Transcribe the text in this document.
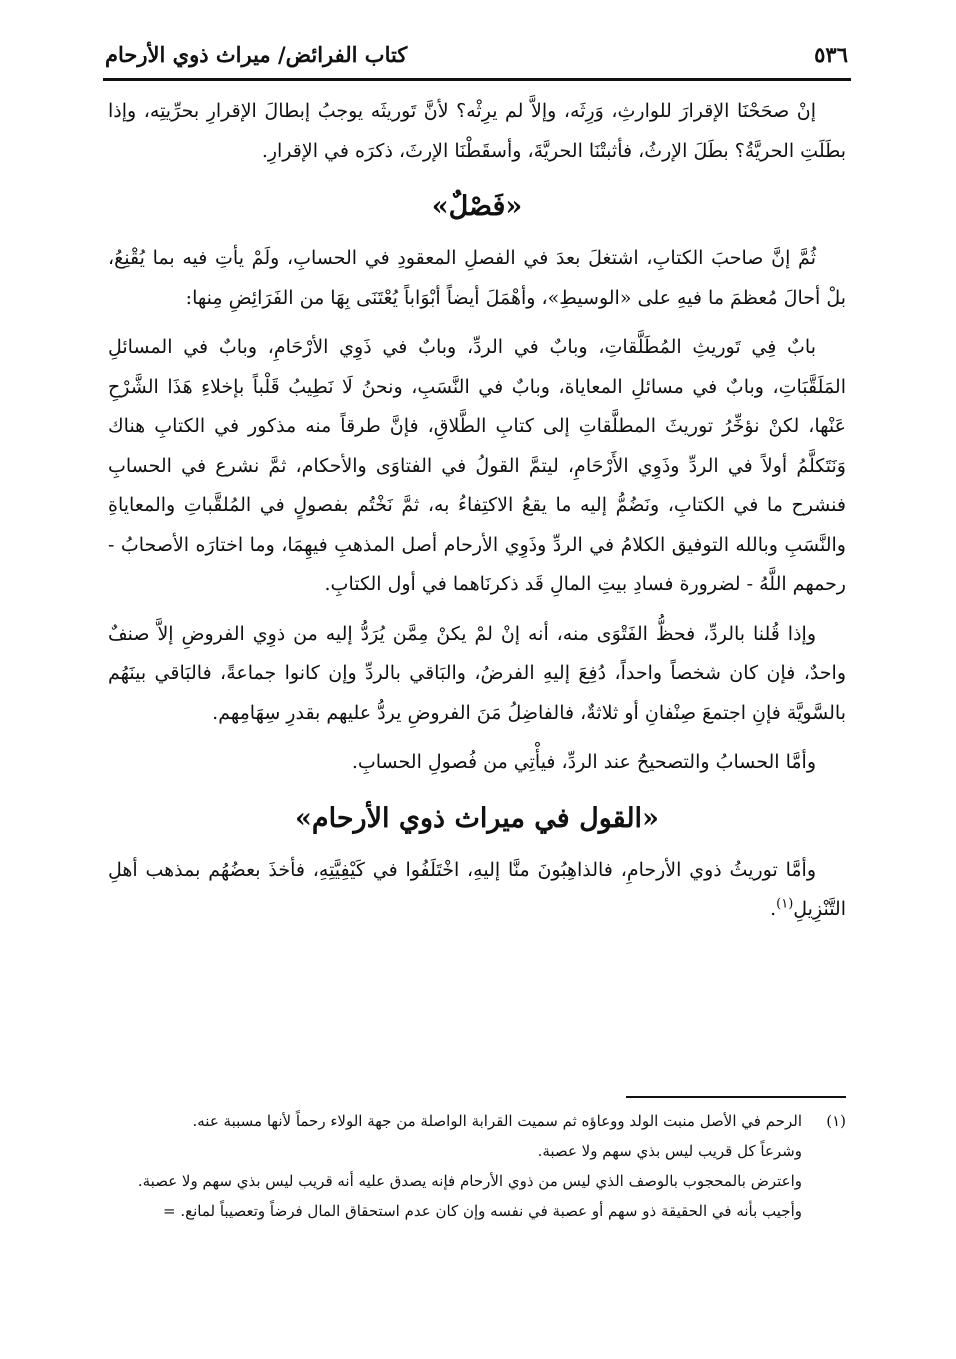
٥٣٦
كتاب الفرائض/ ميراث ذوي الأرحام

إنْ صحَحْنَا الإقرارَ للوارثِ، وَرِثَه، وإلاَّ لم يرِثْه؟ لأنَّ تَوريثَه يوجبُ إبطالَ الإقرارِ بحرِّيتِه، وإذا بطَلَتِ الحريَّةُ؟ بطَلَ الإرثُ، فأثبتْنَا الحريَّةَ، وأسقَطْنَا الإرثَ، ذكرَه في الإقرارِ.

«فَصْلٌ»

ثُمَّ إنَّ صاحبَ الكتابِ، اشتغلَ بعدَ في الفصلِ المعقودِ في الحسابِ، ولَمْ يأتِ فيه بما يُقْنِعُ، بلْ أحالَ مُعظمَ ما فيهِ على «الوسيطِ»، وأهْمَلَ أيضاً أبْوَاباً يُعْتَنَى بِهَا من الفَرَائِضِ مِنها:

بابٌ فِي تَوريثِ المُطَلَّقاتِ، وبابٌ في الردِّ، وبابٌ في ذَوِي الأرْحَامِ، وبابٌ في المسائلِ المَلَقَّبَاتِ، وبابٌ في مسائلِ المعاياة، وبابٌ في النَّسَبِ، ونحنُ لَا نَطِيبُ قَلْباً بإخلاءِ هَذَا الشَّرْحِ عَنْها، لكنْ نؤخِّرُ توريثَ المطلَّقاتِ إلى كتابِ الطَّلاقِ، فإنَّ طرقاً منه مذكور في الكتابِ هناك وَنَتَكلَّمُ أولاً في الردِّ وذَوِي الأَرْحَامِ، ليتمَّ القولُ في الفتاوَى والأحكام، ثمَّ نشرع في الحسابِ فنشرح ما في الكتابِ، ونَضُمُّ إليه ما يقعُ الاكتِفاءُ به، ثمَّ نَخْتُم بفصولٍ في المُلقَّباتِ والمعاياةِ والنَّسَبِ وبالله التوفيق الكلامُ في الردِّ وذَوِي الأرحام أصل المذهبِ فيهِمَا، وما اختارَه الأصحابُ - رحمهم اللَّهُ - لضرورة فسادِ بيتِ المالِ قَد ذكرنَاهما في أول الكتابِ.

وإذا قُلنا بالردِّ، فحظُّ الفَتْوَى منه، أنه إنْ لمْ يكنْ مِمَّن يُرَدُّ إليه من ذوِي الفروضِ إلاَّ صنفٌ واحدٌ، فإن كان شخصاً واحداً، دُفِعَ إليهِ الفرضُ، والبَاقي بالردِّ وإن كانوا جماعةً، فالبَاقي بينَهُم بالسَّويَّة فإنِ اجتمعَ صِنْفانِ أو ثلاثةٌ، فالفاضِلُ مَنَ الفروضِ يردُّ عليهم بقدرِ سِهَامِهم.

وأمَّا الحسابُ والتصحيحُ عند الردِّ، فيأْتِي من فُصولِ الحسابِ.

«القول في ميراث ذوي الأرحام»

وأمَّا توريثُ ذوي الأرحامِ، فالذاهِبُونَ منَّا إليهِ، اخْتَلَفُوا في كَيْفِيَّتِهِ، فأخذَ بعضُهُم بمذهب أهلِ التَّنْزِيلِ$^{(١)}$.

(١)

الرحم في الأصل منبت الولد ووعاؤه ثم سميت القرابة الواصلة من جهة الولاء رحماً لأنها مسببة عنه.

وشرعاً كل قريب ليس بذي سهم ولا عصبة.

واعترض بالمحجوب بالوصف الذي ليس من ذوي الأرحام فإنه يصدق عليه أنه قريب ليس بذي سهم ولا عصبة.

وأجيب بأنه في الحقيقة ذو سهم أو عصبة في نفسه وإن كان عدم استحقاق المال فرضاً وتعصيباً لمانع. =
